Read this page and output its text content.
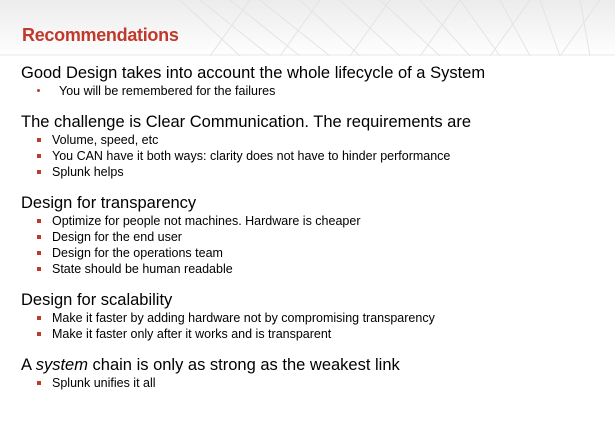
Recommendations
Good Design takes into account the whole lifecycle of a System
You will be remembered for the failures
The challenge is Clear Communication. The requirements are
Volume, speed, etc
You CAN have it both ways: clarity does not have to hinder performance
Splunk helps
Design for transparency
Optimize for people not machines. Hardware is cheaper
Design for the end user
Design for the operations team
State should be human readable
Design for scalability
Make it faster by adding hardware not by compromising transparency
Make it faster only after it works and is transparent
A system chain is only as strong as the weakest link
Splunk unifies it all
